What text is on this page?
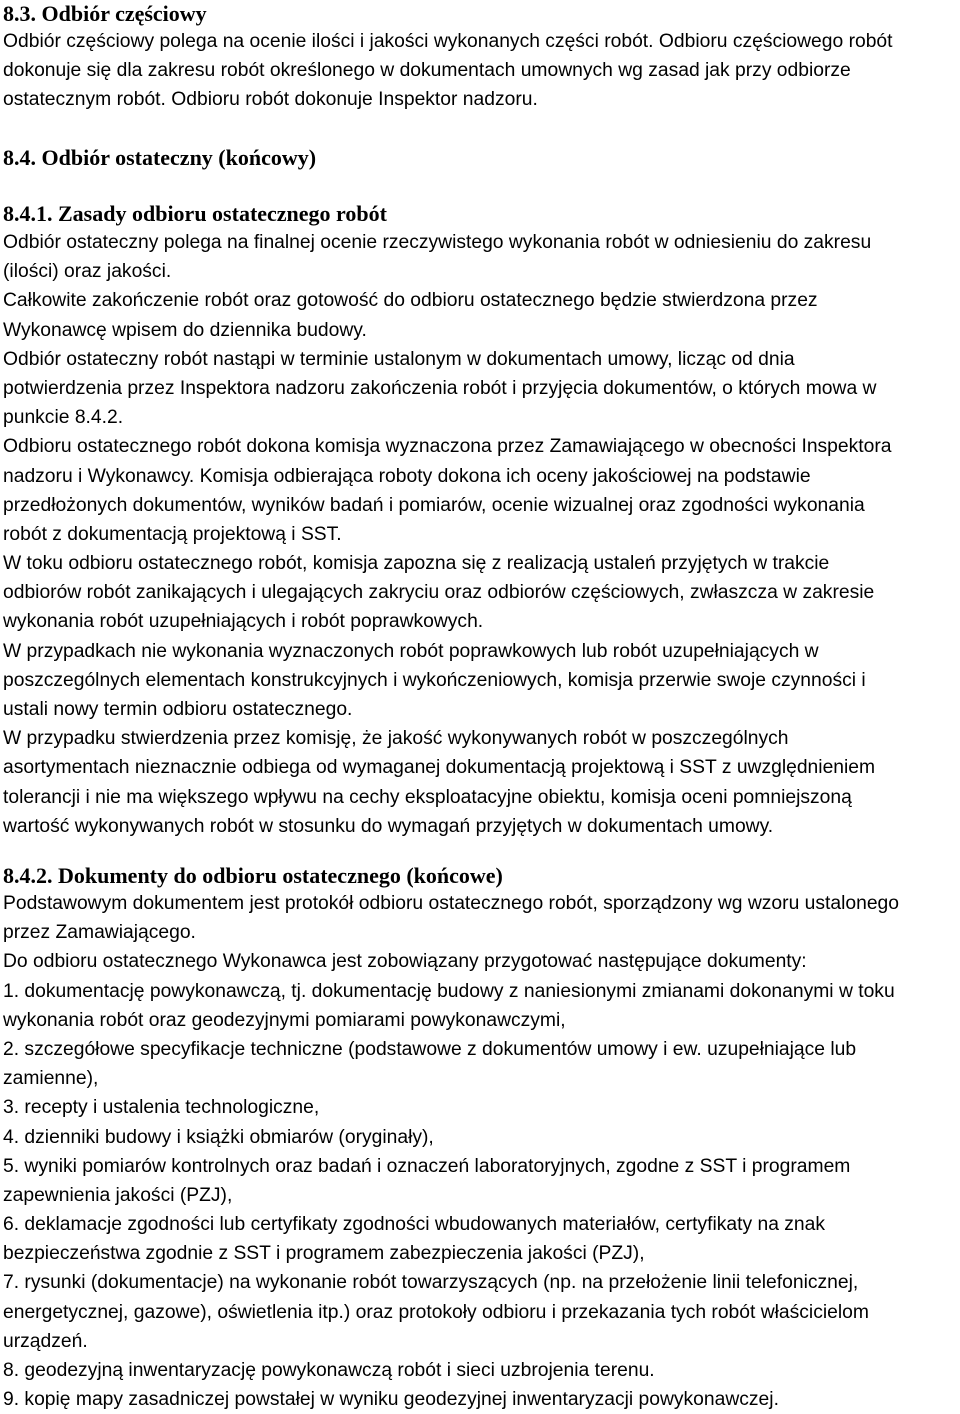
8.3. Odbiór częściowy
Odbiór częściowy polega na ocenie ilości i jakości wykonanych części robót. Odbioru częściowego robót
dokonuje się dla zakresu robót określonego w dokumentach umownych wg zasad jak przy odbiorze
ostatecznym robót. Odbioru robót dokonuje Inspektor nadzoru.
8.4. Odbiór ostateczny (końcowy)
8.4.1. Zasady odbioru ostatecznego robót
Odbiór ostateczny polega na finalnej ocenie rzeczywistego wykonania robót w odniesieniu do zakresu
(ilości) oraz jakości.
Całkowite zakończenie robót oraz gotowość do odbioru ostatecznego będzie stwierdzona przez
Wykonawcę wpisem do dziennika budowy.
Odbiór ostateczny robót nastąpi w terminie ustalonym w dokumentach umowy, licząc od dnia
potwierdzenia przez Inspektora nadzoru zakończenia robót i przyjęcia dokumentów, o których mowa w
punkcie 8.4.2.
Odbioru ostatecznego robót dokona komisja wyznaczona przez Zamawiającego w obecności Inspektora
nadzoru i Wykonawcy. Komisja odbierająca roboty dokona ich oceny jakościowej na podstawie
przedłożonych dokumentów, wyników badań i pomiarów, ocenie wizualnej oraz zgodności wykonania
robót z dokumentacją projektową i SST.
W toku odbioru ostatecznego robót, komisja zapozna się z realizacją ustaleń przyjętych w trakcie
odbiorów robót zanikających i ulegających zakryciu oraz odbiorów częściowych, zwłaszcza w zakresie
wykonania robót uzupełniających i robót poprawkowych.
W przypadkach nie wykonania wyznaczonych robót poprawkowych lub robót uzupełniających w
poszczególnych elementach konstrukcyjnych i wykończeniowych, komisja przerwie swoje czynności i
ustali nowy termin odbioru ostatecznego.
W przypadku stwierdzenia przez komisję, że jakość wykonywanych robót w poszczególnych
asortymentach nieznacznie odbiega od wymaganej dokumentacją projektową i SST z uwzględnieniem
tolerancji i nie ma większego wpływu na cechy eksploatacyjne obiektu, komisja oceni pomniejszoną
wartość wykonywanych robót w stosunku do wymagań przyjętych w dokumentach umowy.
8.4.2. Dokumenty do odbioru ostatecznego (końcowe)
Podstawowym dokumentem jest protokół odbioru ostatecznego robót, sporządzony wg wzoru ustalonego
przez Zamawiającego.
Do odbioru ostatecznego Wykonawca jest zobowiązany przygotować następujące dokumenty:
1. dokumentację powykonawczą, tj. dokumentację budowy z naniesionymi zmianami dokonanymi w toku
wykonania robót oraz geodezyjnymi pomiarami powykonawczymi,
2. szczegółowe specyfikacje techniczne (podstawowe z dokumentów umowy i ew. uzupełniające lub
zamienne),
3. recepty i ustalenia technologiczne,
4. dzienniki budowy i książki obmiarów (oryginały),
5. wyniki pomiarów kontrolnych oraz badań i oznaczeń laboratoryjnych, zgodne z SST i programem
zapewnienia jakości (PZJ),
6. deklamacje zgodności lub certyfikaty zgodności wbudowanych materiałów, certyfikaty na znak
bezpieczeństwa zgodnie z SST i programem zabezpieczenia jakości (PZJ),
7. rysunki (dokumentacje) na wykonanie robót towarzyszących (np. na przełożenie linii telefonicznej,
energetycznej, gazowe), oświetlenia itp.) oraz protokoły odbioru i przekazania tych robót właścicielom
urządzeń.
8. geodezyjną inwentaryzację powykonawczą robót i sieci uzbrojenia terenu.
9. kopię mapy zasadniczej powstałej w wyniku geodezyjnej inwentaryzacji powykonawczej.
